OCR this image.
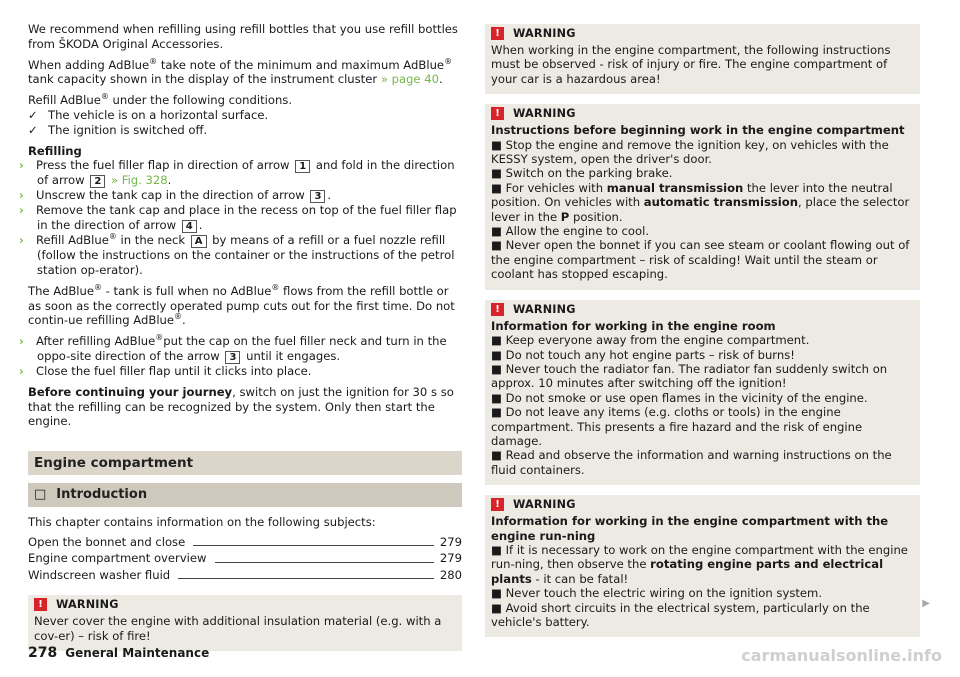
We recommend when refilling using refill bottles that you use refill bottles from ŠKODA Original Accessories.

When adding AdBlue® take note of the minimum and maximum AdBlue® tank capacity shown in the display of the instrument cluster » page 40.

Refill AdBlue® under the following conditions.

✓ The vehicle is on a horizontal surface.

✓ The ignition is switched off.

Refilling

› Press the fuel filler flap in direction of arrow 1 and fold in the direction of arrow 2 » Fig. 328.
› Unscrew the tank cap in the direction of arrow 3 .
› Remove the tank cap and place in the recess on top of the fuel filler flap in the direction of arrow 4 .
› Refill AdBlue® in the neck A by means of a refill or a fuel nozzle refill (follow the instructions on the container or the instructions of the petrol station op-erator).

The AdBlue® - tank is full when no AdBlue® flows from the refill bottle or as soon as the correctly operated pump cuts out for the first time. Do not contin-ue refilling AdBlue®.

› After refilling AdBlue®put the cap on the fuel filler neck and turn in the oppo-site direction of the arrow 3 until it engages.
› Close the fuel filler flap until it clicks into place.

Before continuing your journey, switch on just the ignition for 30 s so that the refilling can be recognized by the system. Only then start the engine.

Engine compartment
□ Introduction

This chapter contains information on the following subjects:

Open the bonnet and close	279
Engine compartment overview	279
Windscreen washer fluid	280
!	WARNING
Never cover the engine with additional insulation material (e.g. with a cov-er) – risk of fire!
!	WARNING
When working in the engine compartment, the following instructions must be observed - risk of injury or fire. The engine compartment of your car is a hazardous area!
!	WARNING
Instructions before beginning work in the engine compartment
■ Stop the engine and remove the ignition key, on vehicles with the KESSY system, open the driver's door.
■ Switch on the parking brake.
■ For vehicles with manual transmission the lever into the neutral position. On vehicles with automatic transmission, place the selector lever in the P position.
■ Allow the engine to cool.
■ Never open the bonnet if you can see steam or coolant flowing out of the engine compartment – risk of scalding! Wait until the steam or coolant has stopped escaping.
!	WARNING
Information for working in the engine room
■ Keep everyone away from the engine compartment.
■ Do not touch any hot engine parts – risk of burns!
■ Never touch the radiator fan. The radiator fan suddenly switch on approx. 10 minutes after switching off the ignition!
■ Do not smoke or use open flames in the vicinity of the engine.
■ Do not leave any items (e.g. cloths or tools) in the engine compartment. This presents a fire hazard and the risk of engine damage.
■ Read and observe the information and warning instructions on the fluid containers.
!	WARNING
Information for working in the engine compartment with the engine run-ning
■ If it is necessary to work on the engine compartment with the engine run-ning, then observe the rotating engine parts and electrical plants - it can be fatal!
■ Never touch the electric wiring on the ignition system.
■ Avoid short circuits in the electrical system, particularly on the vehicle's battery.
▶
278 General Maintenance	carmanualsonline.info
